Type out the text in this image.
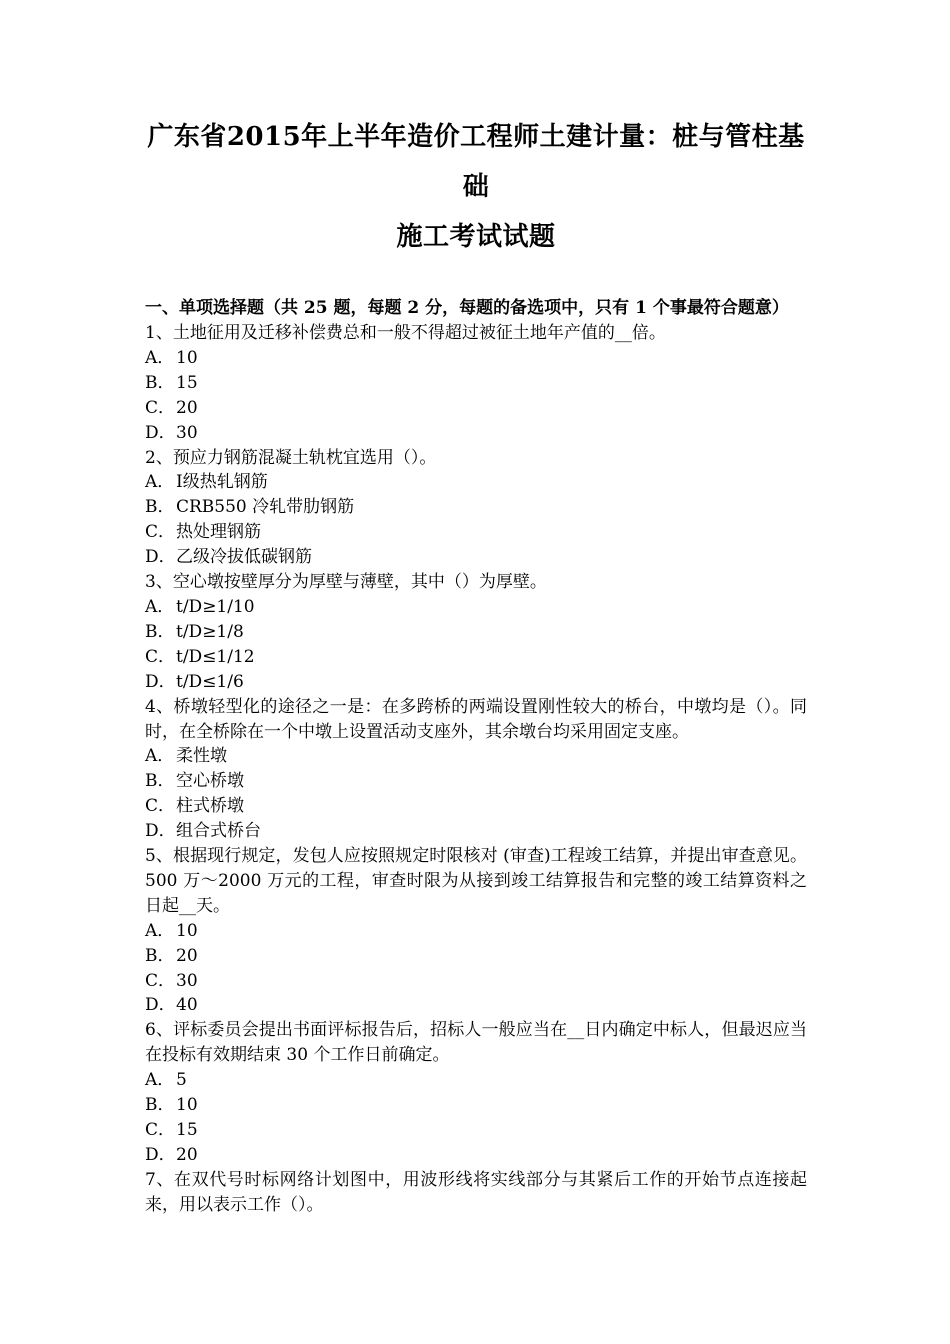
广东省2015年上半年造价工程师土建计量：桩与管柱基础
施工考试试题
一、单项选择题（共 25 题，每题 2 分，每题的备选项中，只有 1 个事最符合题意）

1、土地征用及迁移补偿费总和一般不得超过被征土地年产值的__倍。

A． 10

B．15

C．20

D．30

2、预应力钢筋混凝土轨枕宜选用（）。

A． Ⅰ级热轧钢筋

B．CRB550 冷轧带肋钢筋

C．热处理钢筋

D．乙级冷拔低碳钢筋

3、空心墩按壁厚分为厚壁与薄壁，其中（）为厚壁。

A． t/D≥1/10

B．t/D≥1/8

C．t/D≤1/12

D．t/D≤1/6

4、桥墩轻型化的途径之一是：在多跨桥的两端设置刚性较大的桥台，中墩均是（）。同时，在全桥除在一个中墩上设置活动支座外，其余墩台均采用固定支座。

A． 柔性墩

B．空心桥墩

C．柱式桥墩

D．组合式桥台

5、根据现行规定，发包人应按照规定时限核对 (审查)工程竣工结算，并提出审查意见。500 万～2000 万元的工程，审查时限为从接到竣工结算报告和完整的竣工结算资料之日起__天。

A． 10

B．20

C．30

D．40

6、评标委员会提出书面评标报告后，招标人一般应当在__日内确定中标人，但最迟应当在投标有效期结束 30 个工作日前确定。

A． 5

B．10

C．15

D．20

7、在双代号时标网络计划图中，用波形线将实线部分与其紧后工作的开始节点连接起来，用以表示工作（）。
